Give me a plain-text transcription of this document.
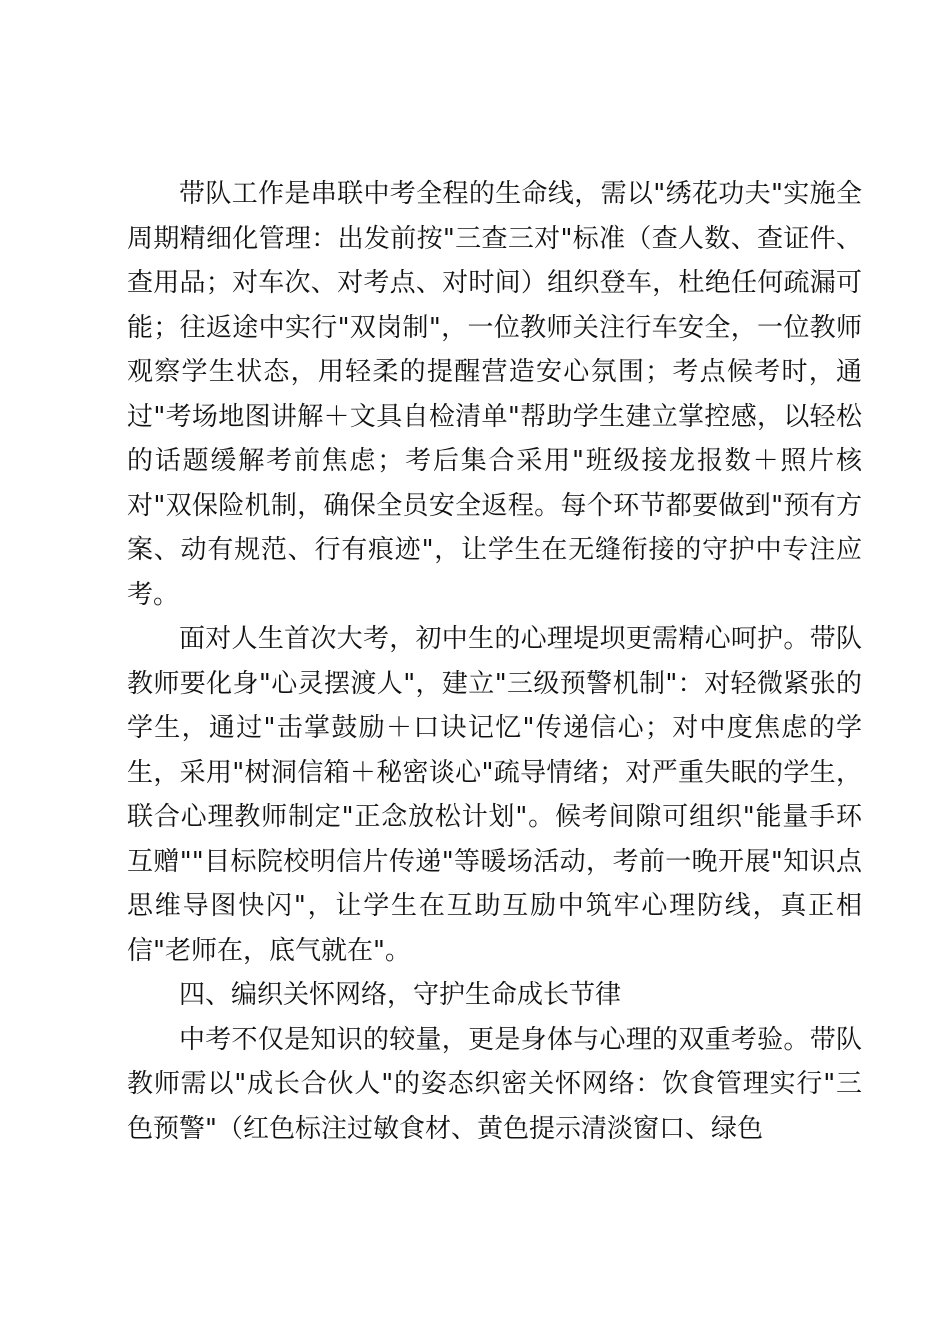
带队工作是串联中考全程的生命线，需以"绣花功夫"实施全周期精细化管理：出发前按"三查三对"标准（查人数、查证件、查用品；对车次、对考点、对时间）组织登车，杜绝任何疏漏可能；往返途中实行"双岗制"，一位教师关注行车安全，一位教师观察学生状态，用轻柔的提醒营造安心氛围；考点候考时，通过"考场地图讲解＋文具自检清单"帮助学生建立掌控感，以轻松的话题缓解考前焦虑；考后集合采用"班级接龙报数＋照片核对"双保险机制，确保全员安全返程。每个环节都要做到"预有方案、动有规范、行有痕迹"，让学生在无缝衔接的守护中专注应考。

面对人生首次大考，初中生的心理堤坝更需精心呵护。带队教师要化身"心灵摆渡人"，建立"三级预警机制"：对轻微紧张的学生，通过"击掌鼓励＋口诀记忆"传递信心；对中度焦虑的学生，采用"树洞信箱＋秘密谈心"疏导情绪；对严重失眠的学生，联合心理教师制定"正念放松计划"。候考间隙可组织"能量手环互赠""目标院校明信片传递"等暖场活动，考前一晚开展"知识点思维导图快闪"，让学生在互助互励中筑牢心理防线，真正相信"老师在，底气就在"。

四、编织关怀网络，守护生命成长节律

中考不仅是知识的较量，更是身体与心理的双重考验。带队教师需以"成长合伙人"的姿态织密关怀网络：饮食管理实行"三色预警"（红色标注过敏食材、黄色提示清淡窗口、绿色
